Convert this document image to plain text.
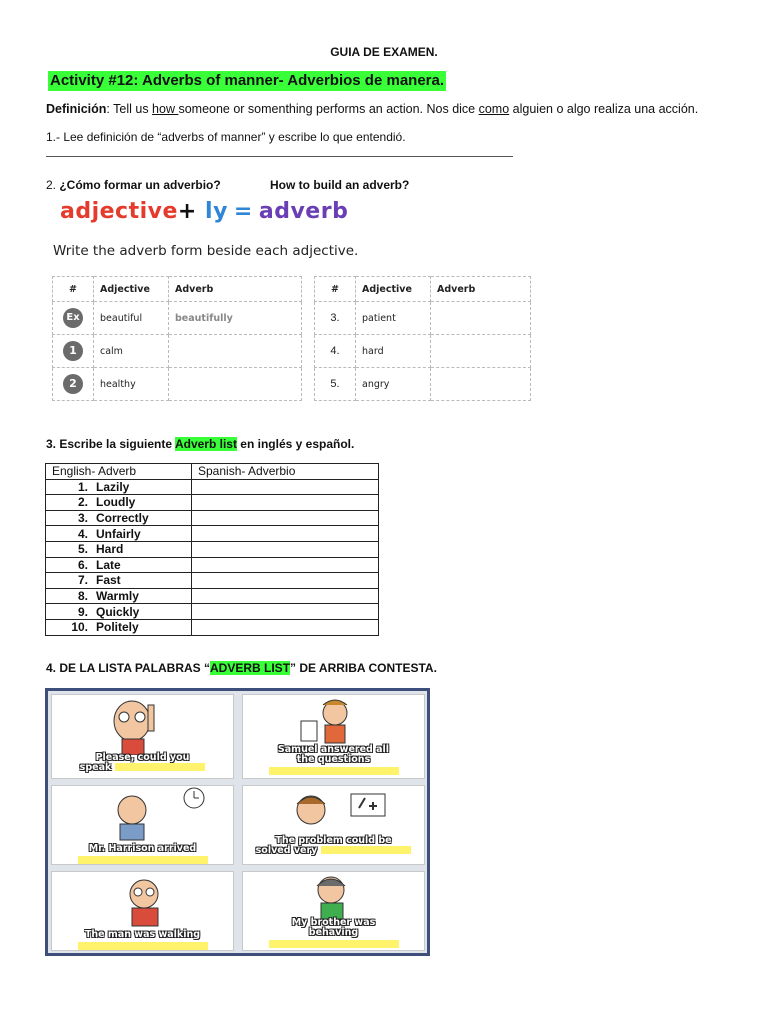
GUIA DE EXAMEN.
Activity #12: Adverbs of manner- Adverbios de manera.
Definición: Tell us how someone or somenthing performs an action. Nos dice como alguien o algo realiza una acción.
1.- Lee definición de “adverbs of manner” y escribe lo que entendió.
2. ¿Cómo formar un adverbio?	How to build an adverb?
adjective+ ly = adverb
Write the adverb form beside each adjective.
#	Adjective	Adverb		#	Adjective	Adverb
Ex	beautiful	beautifully		3.	patient	
1	calm			4.	hard	
2	healthy			5.	angry	
3. Escribe la siguiente Adverb list en inglés y español.
English- Adverb	Spanish- Adverbio
1. Lazily	
2. Loudly	
3. Correctly	
4. Unfairly	
5. Hard	
6. Late	
7. Fast	
8. Warmly	
9. Quickly	
10. Politely	
4. DE LA LISTA PALABRAS “ADVERB LIST” DE ARRIBA CONTESTA.
Please, could you
speak
Samuel answered all
the questions
Mr. Harrison arrived

The problem could be
solved very
The man was walking

My brother was
behaving
